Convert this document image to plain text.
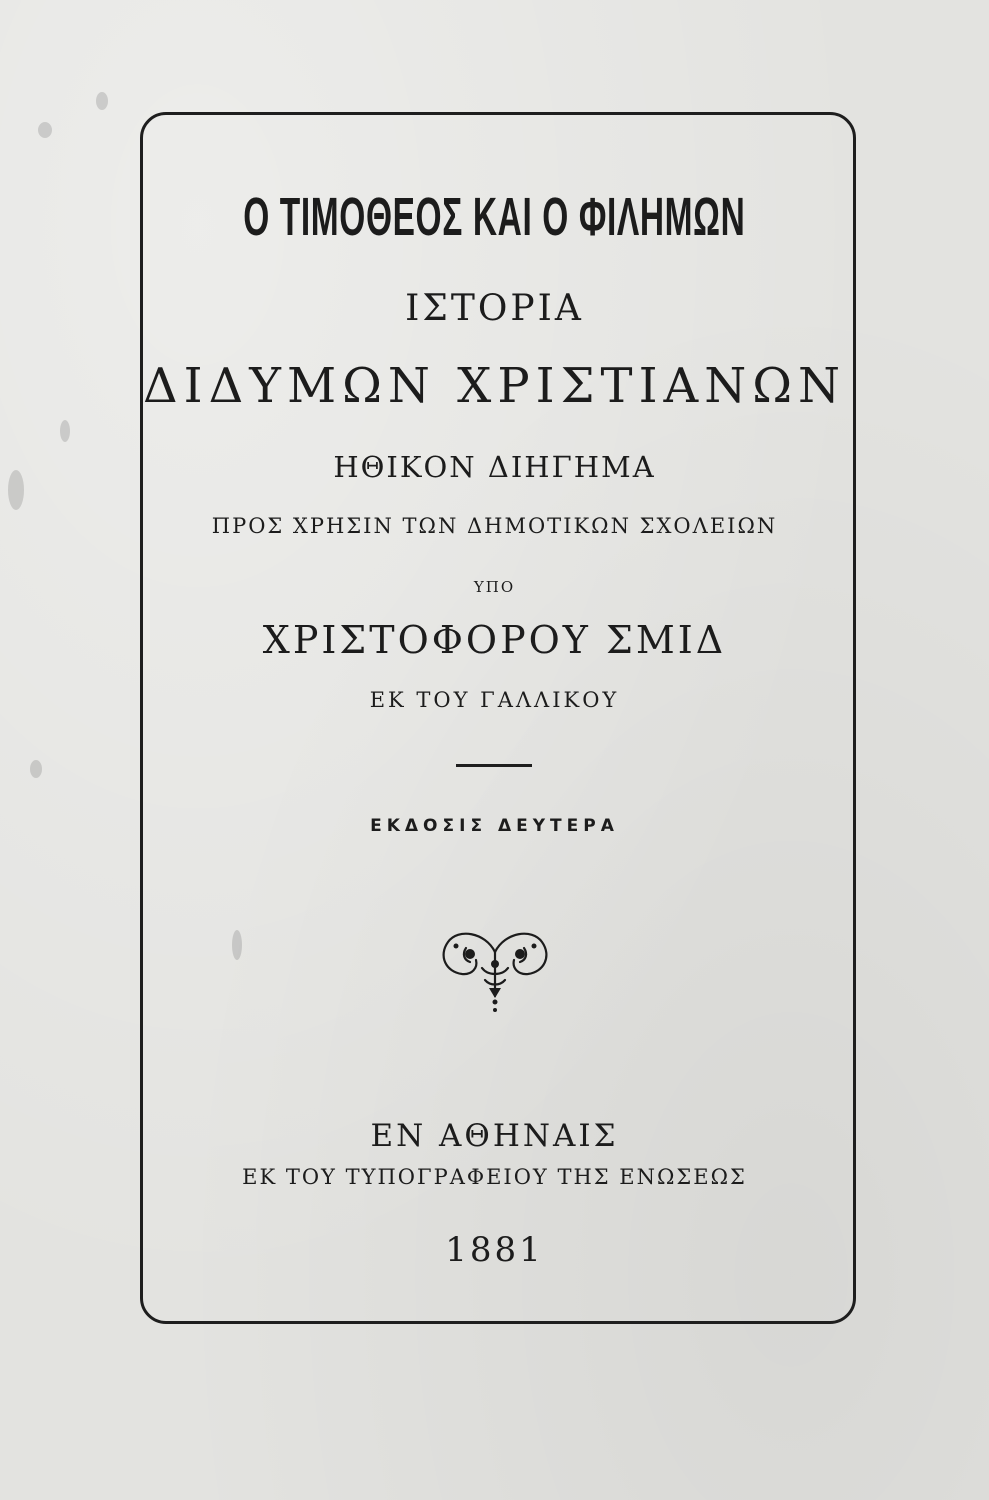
Ο ΤΙΜΟΘΕΟΣ ΚΑΙ Ο ΦΙΛΗΜΩΝ
ΙΣΤΟΡΙΑ
ΔΙΔΥΜΩΝ ΧΡΙΣΤΙΑΝΩΝ
ΗΘΙΚΟΝ ΔΙΗΓΗΜΑ
ΠΡΟΣ ΧΡΗΣΙΝ ΤΩΝ ΔΗΜΟΤΙΚΩΝ ΣΧΟΛΕΙΩΝ
ΥΠΟ
ΧΡΙΣΤΟΦΟΡΟΥ ΣΜΙΔ
ΕΚ ΤΟΥ ΓΑΛΛΙΚΟΥ
ΕΚΔΟΣΙΣ ΔΕΥΤΕΡΑ
ΕΝ ΑΘΗΝΑΙΣ
ΕΚ ΤΟΥ ΤΥΠΟΓΡΑΦΕΙΟΥ ΤΗΣ ΕΝΩΣΕΩΣ
1881
